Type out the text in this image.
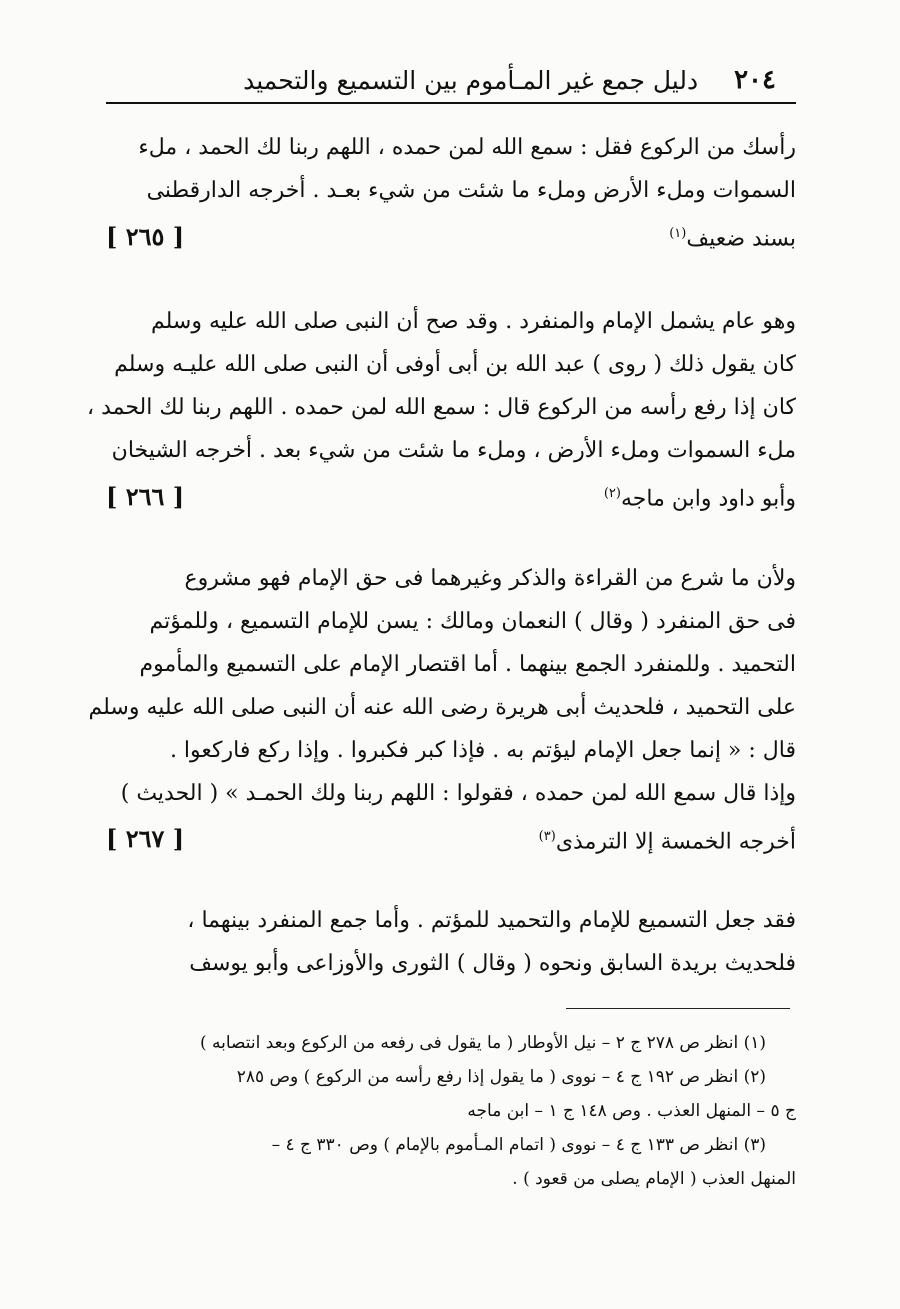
٢٠٤
دليل جمع غير المـأموم بين التسميع والتحميد

رأسك من الركوع فقل : سمع الله لمن حمده ، اللهم ربنا لك الحمد ، ملء
السموات وملء الأرض وملء ما شئت من شيء بعـد . أخرجه الدارقطنى
بسند ضعيف$^{(١)}$
[ ٢٦٥ ]

وهو عام يشمل الإمام والمنفرد . وقد صح أن النبى صلى الله عليه وسلم
كان يقول ذلك ( روى ) عبد الله بن أبى أوفى أن النبى صلى الله عليـه وسلم
كان إذا رفع رأسه من الركوع قال : سمع الله لمن حمده . اللهم ربنا لك الحمد ،
ملء السموات وملء الأرض ، وملء ما شئت من شيء بعد . أخرجه الشيخان
وأبو داود وابن ماجه$^{(٢)}$
[ ٢٦٦ ]

ولأن ما شرع من القراءة والذكر وغيرهما فى حق الإمام فهو مشروع
فى حق المنفرد ( وقال ) النعمان ومالك : يسن للإمام التسميع ، وللمؤتم
التحميد . وللمنفرد الجمع بينهما . أما اقتصار الإمام على التسميع والمأموم
على التحميد ، فلحديث أبى هريرة رضى الله عنه أن النبى صلى الله عليه وسلم
قال : « إنما جعل الإمام ليؤتم به . فإذا كبر فكبروا . وإذا ركع فاركعوا .
وإذا قال سمع الله لمن حمده ، فقولوا : اللهم ربنا ولك الحمـد » ( الحديث )
أخرجه الخمسة إلا الترمذى$^{(٣)}$
[ ٢٦٧ ]

فقد جعل التسميع للإمام والتحميد للمؤتم . وأما جمع المنفرد بينهما ،
فلحديث بريدة السابق ونحوه ( وقال ) الثورى والأوزاعى وأبو يوسف

(١) انظر ص ٢٧٨ ج ٢ – نيل الأوطار ( ما يقول فى رفعه من الركوع وبعد انتصابه )
(٢) انظر ص ١٩٢ ج ٤ – نووى ( ما يقول إذا رفع رأسه من الركوع ) وص ٢٨٥
ج ٥ – المنهل العذب . وص ١٤٨ ج ١ – ابن ماجه
(٣) انظر ص ١٣٣ ج ٤ – نووى ( اتمام المـأموم بالإمام ) وص ٣٣٠ ج ٤ –
المنهل العذب ( الإمام يصلى من قعود ) .
